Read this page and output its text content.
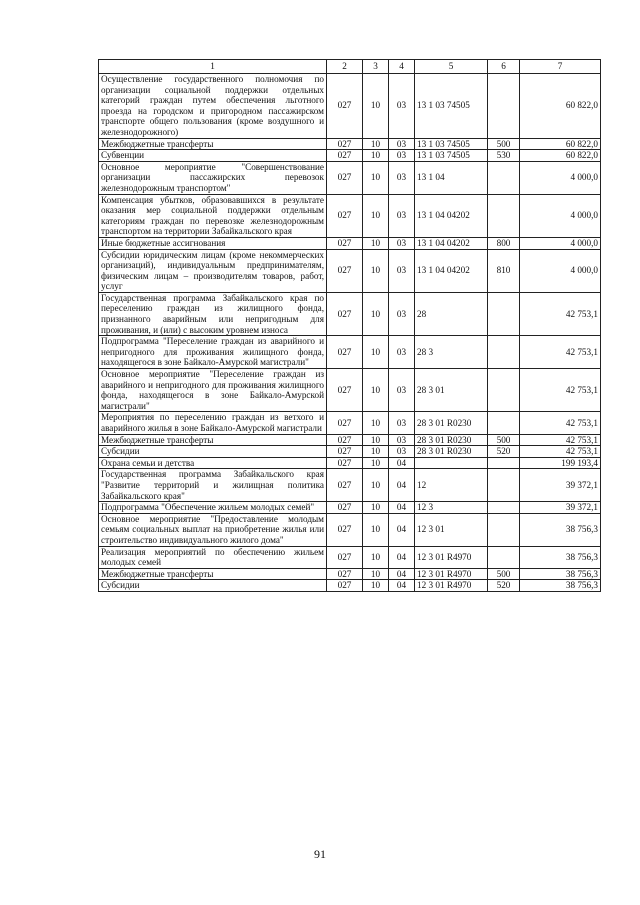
1	2	3	4	5	6	7
Осуществление государственного полномочия по организации социальной поддержки отдельных категорий граждан путем обеспечения льготного проезда на городском и пригородном пассажирском транспорте общего пользования (кроме воздушного и железнодорожного)	027	10	03	13 1 03 74505		60 822,0
Межбюджетные трансферты	027	10	03	13 1 03 74505	500	60 822,0
Субвенции	027	10	03	13 1 03 74505	530	60 822,0
Основное мероприятие "Совершенствование организации пассажирских перевозок железнодорожным транспортом"	027	10	03	13 1 04		4 000,0
Компенсация убытков, образовавшихся в результате оказания мер социальной поддержки отдельным категориям граждан по перевозке железнодорожным транспортом на территории Забайкальского края	027	10	03	13 1 04 04202		4 000,0
Иные бюджетные ассигнования	027	10	03	13 1 04 04202	800	4 000,0
Субсидии юридическим лицам (кроме некоммерческих организаций), индивидуальным предпринимателям, физическим лицам – производителям товаров, работ, услуг	027	10	03	13 1 04 04202	810	4 000,0
Государственная программа Забайкальского края по переселению граждан из жилищного фонда, признанного аварийным или непригодным для проживания, и (или) с высоким уровнем износа	027	10	03	28		42 753,1
Подпрограмма "Переселение граждан из аварийного и непригодного для проживания жилищного фонда, находящегося в зоне Байкало-Амурской магистрали"	027	10	03	28 3		42 753,1
Основное мероприятие "Переселение граждан из аварийного и непригодного для проживания жилищного фонда, находящегося в зоне Байкало-Амурской магистрали"	027	10	03	28 3 01		42 753,1
Мероприятия по переселению граждан из ветхого и аварийного жилья в зоне Байкало-Амурской магистрали	027	10	03	28 3 01 R0230		42 753,1
Межбюджетные трансферты	027	10	03	28 3 01 R0230	500	42 753,1
Субсидии	027	10	03	28 3 01 R0230	520	42 753,1
Охрана семьи и детства	027	10	04			199 193,4
Государственная программа Забайкальского края "Развитие территорий и жилищная политика Забайкальского края"	027	10	04	12		39 372,1
Подпрограмма "Обеспечение жильем молодых семей"	027	10	04	12 3		39 372,1
Основное мероприятие "Предоставление молодым семьям социальных выплат на приобретение жилья или строительство индивидуального жилого дома"	027	10	04	12 3 01		38 756,3
Реализация мероприятий по обеспечению жильем молодых семей	027	10	04	12 3 01 R4970		38 756,3
Межбюджетные трансферты	027	10	04	12 3 01 R4970	500	38 756,3
Субсидии	027	10	04	12 3 01 R4970	520	38 756,3
91
